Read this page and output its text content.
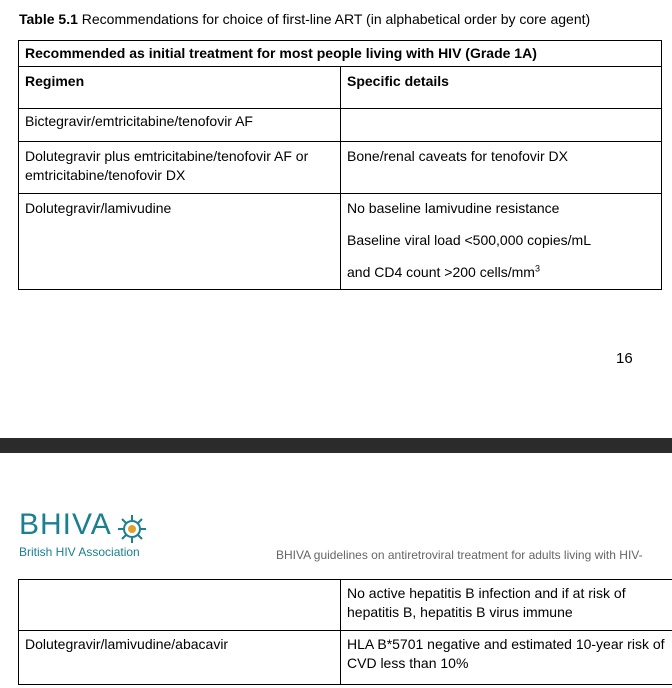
Table 5.1 Recommendations for choice of first-line ART (in alphabetical order by core agent)
Recommended as initial treatment for most people living with HIV (Grade 1A)	
Regimen	Specific details
Bictegravir/emtricitabine/tenofovir AF	
Dolutegravir plus emtricitabine/tenofovir AF or emtricitabine/tenofovir DX	Bone/renal caveats for tenofovir DX
Dolutegravir/lamivudine	No baseline lamivudine resistance
Baseline viral load <500,000 copies/mL
and CD4 count >200 cells/$mm^3$
16
BHIVA
British HIV Association	BHIVA guidelines on antiretroviral treatment for adults living with HIV-
	No active hepatitis B infection and if at risk of hepatitis B, hepatitis B virus immune
Dolutegravir/lamivudine/abacavir	HLA B*5701 negative and estimated 10-year risk of CVD less than 10%
